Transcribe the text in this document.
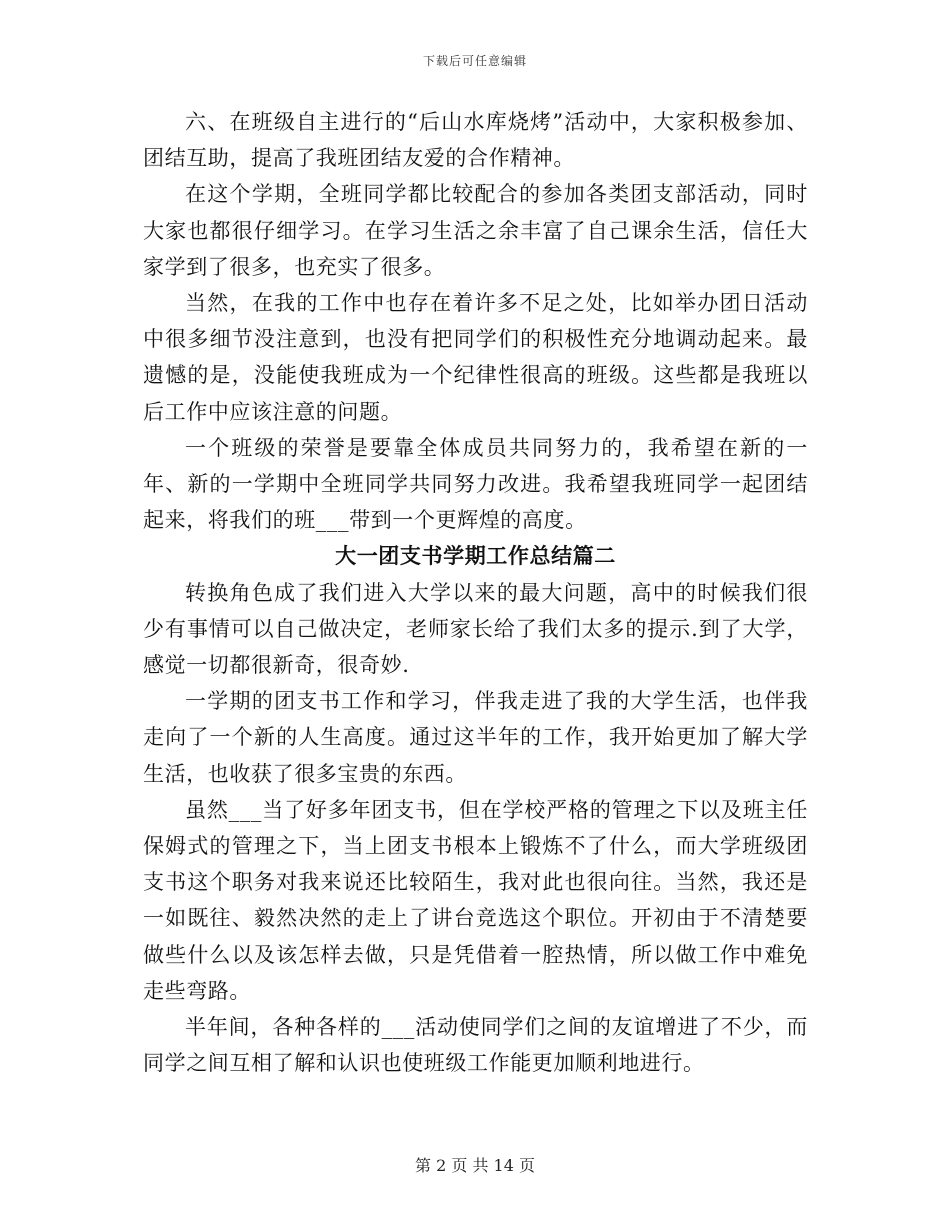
下载后可任意编辑

六、在班级自主进行的“后山水库烧烤”活动中，大家积极参加、团结互助，提高了我班团结友爱的合作精神。

在这个学期，全班同学都比较配合的参加各类团支部活动，同时大家也都很仔细学习。在学习生活之余丰富了自己课余生活，信任大家学到了很多，也充实了很多。

当然，在我的工作中也存在着许多不足之处，比如举办团日活动中很多细节没注意到，也没有把同学们的积极性充分地调动起来。最遗憾的是，没能使我班成为一个纪律性很高的班级。这些都是我班以后工作中应该注意的问题。

一个班级的荣誉是要靠全体成员共同努力的，我希望在新的一年、新的一学期中全班同学共同努力改进。我希望我班同学一起团结起来，将我们的班___带到一个更辉煌的高度。

大一团支书学期工作总结篇二

转换角色成了我们进入大学以来的最大问题，高中的时候我们很少有事情可以自己做决定，老师家长给了我们太多的提示.到了大学，感觉一切都很新奇，很奇妙.

一学期的团支书工作和学习，伴我走进了我的大学生活，也伴我走向了一个新的人生高度。通过这半年的工作，我开始更加了解大学生活，也收获了很多宝贵的东西。

虽然___当了好多年团支书，但在学校严格的管理之下以及班主任保姆式的管理之下，当上团支书根本上锻炼不了什么，而大学班级团支书这个职务对我来说还比较陌生，我对此也很向往。当然，我还是一如既往、毅然决然的走上了讲台竞选这个职位。开初由于不清楚要做些什么以及该怎样去做，只是凭借着一腔热情，所以做工作中难免走些弯路。

半年间，各种各样的___活动使同学们之间的友谊增进了不少，而同学之间互相了解和认识也使班级工作能更加顺利地进行。

第 2 页 共 14 页
